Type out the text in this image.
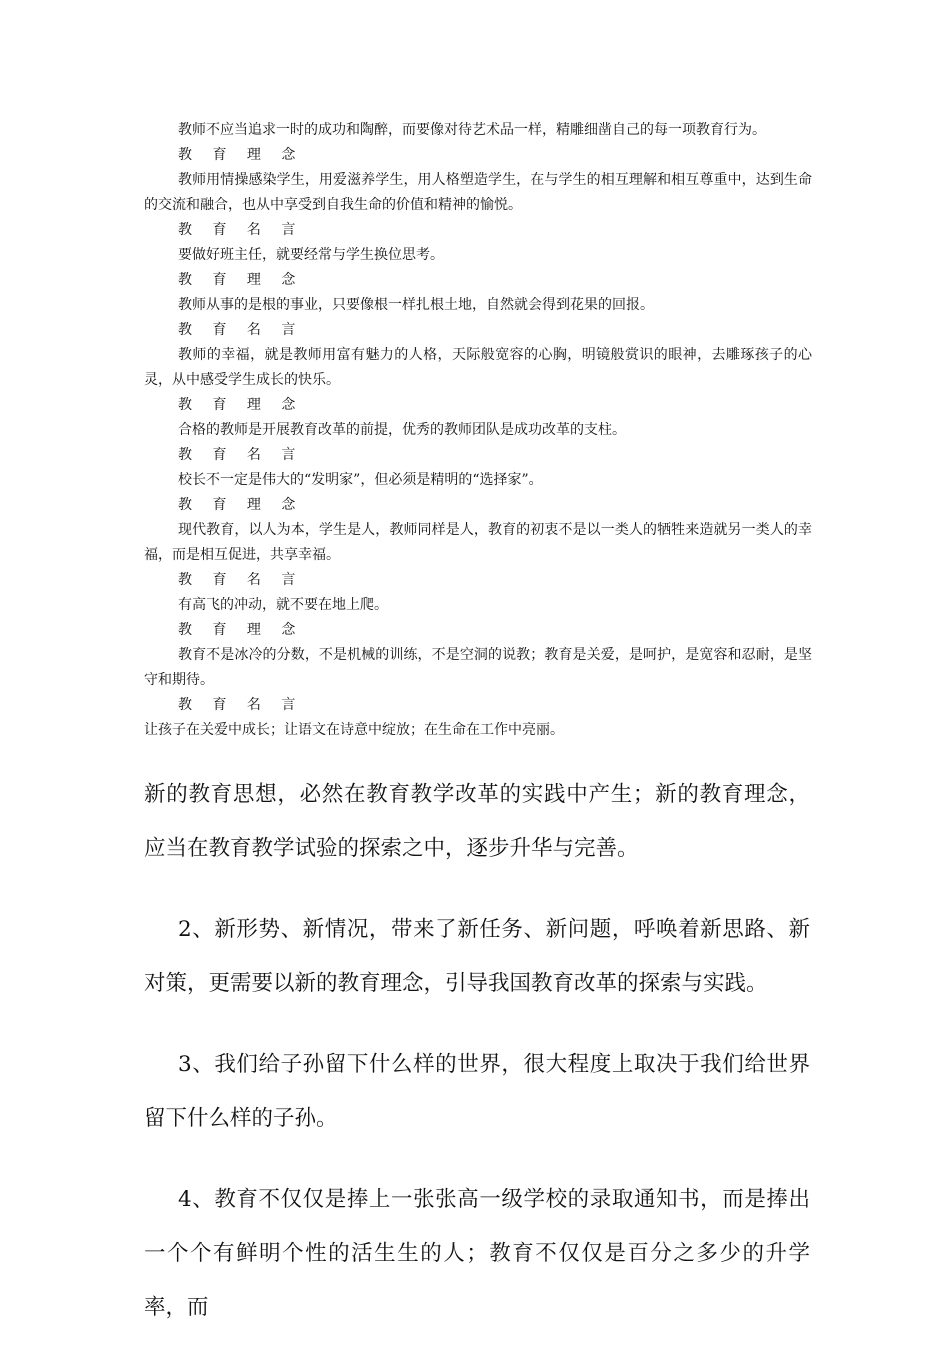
教师不应当追求一时的成功和陶醉，而要像对待艺术品一样，精雕细凿自己的每一项教育行为。

教 育 理 念

教师用情操感染学生，用爱滋养学生，用人格塑造学生，在与学生的相互理解和相互尊重中，达到生命的交流和融合，也从中享受到自我生命的价值和精神的愉悦。

教 育 名 言

要做好班主任，就要经常与学生换位思考。

教 育 理 念

教师从事的是根的事业，只要像根一样扎根土地，自然就会得到花果的回报。

教 育 名 言

教师的幸福，就是教师用富有魅力的人格，天际般宽容的心胸，明镜般赏识的眼神，去雕琢孩子的心灵，从中感受学生成长的快乐。

教 育 理 念

合格的教师是开展教育改革的前提，优秀的教师团队是成功改革的支柱。

教 育 名 言

校长不一定是伟大的“发明家”，但必须是精明的“选择家”。

教 育 理 念

现代教育，以人为本，学生是人，教师同样是人，教育的初衷不是以一类人的牺牲来造就另一类人的幸福，而是相互促进，共享幸福。

教 育 名 言

有高飞的冲动，就不要在地上爬。

教 育 理 念

教育不是冰冷的分数，不是机械的训练，不是空洞的说教；教育是关爱，是呵护，是宽容和忍耐，是坚守和期待。

教 育 名 言

让孩子在关爱中成长；让语文在诗意中绽放；在生命在工作中亮丽。

新的教育思想，必然在教育教学改革的实践中产生；新的教育理念，应当在教育教学试验的探索之中，逐步升华与完善。

2、新形势、新情况，带来了新任务、新问题，呼唤着新思路、新对策，更需要以新的教育理念，引导我国教育改革的探索与实践。

3、我们给子孙留下什么样的世界，很大程度上取决于我们给世界留下什么样的子孙。

4、教育不仅仅是捧上一张张高一级学校的录取通知书，而是捧出一个个有鲜明个性的活生生的人；教育不仅仅是百分之多少的升学率，而
